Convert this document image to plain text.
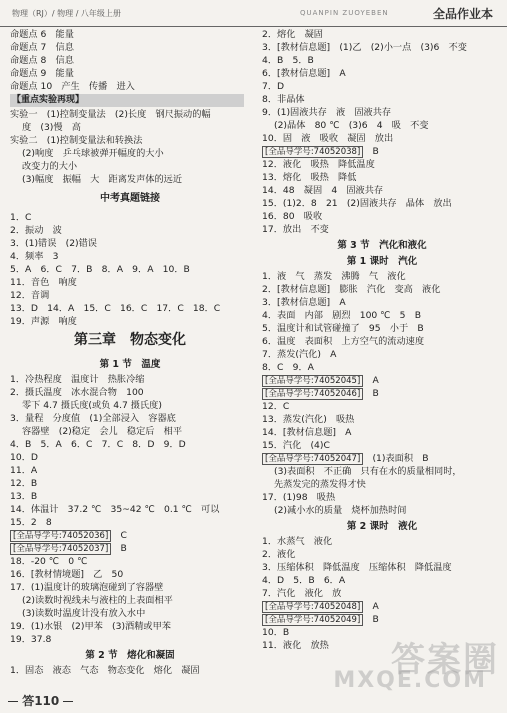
物理（RJ）/ 物理 / 八年级上册	QUANPIN ZUOYEBEN	全品作业本
命题点 6　能量
命题点 7　信息
命题点 8　信息
命题点 9　能量
命题点 10　产生　传播　进入
【重点实验再现】
实验一　(1)控制变量法　(2)长度　钢尺振动的幅
度　(3)慢　高
实验二　(1)控制变量法和转换法
(2)响度　乒乓球被弹开幅度的大小
改变力的大小
(3)幅度　振幅　大　距离发声体的远近
中考真题链接
1．C
2．振动　波
3．(1)错误　(2)错误
4．频率　3
5．A　6．C　7．B　8．A　9．A　10．B
11．音色　响度
12．音调
13．D　14．A　15．C　16．C　17．C　18．C
19．声源　响度
第三章　物态变化
第 1 节　温度
1．冷热程度　温度计　热胀冷缩
2．摄氏温度　冰水混合物　100
零下 4.7 摄氏度(或负 4.7 摄氏度)
3．量程　分度值　(1)全部浸入　容器底
容器壁　(2)稳定　会儿　稳定后　相平
4．B　5．A　6．C　7．C　8．D　9．D
10．D
11．A
12．B
13．B
14．体温计　37.2 ℃　35~42 ℃　0.1 ℃　可以
15．2　8
[全品导学号:74052036]　C
[全品导学号:74052037]　B
18．-20 ℃　0 ℃
16．[教材情境题]　乙　50
17．(1)温度计的玻璃泡碰到了容器壁
(2)读数时视线未与液柱的上表面相平
(3)读数时温度计没有放入水中
19．(1)水银　(2)甲苯　(3)酒精或甲苯
19．37.8
第 2 节　熔化和凝固
1．固态　液态　气态　物态变化　熔化　凝固
2．熔化　凝固
3．[教材信息题]　(1)乙　(2)小一点　(3)6　不变
4．B　5．B
6．[教材信息题]　A
7．D
8．非晶体
9．(1)固液共存　液　固液共存
(2)晶体　80 ℃　(3)6　4　吸　不变
10．固　液　吸收　凝固　放出
[全品导学号:74052038]　B
12．液化　吸热　降低温度
13．熔化　吸热　降低
14．48　凝固　4　固液共存
15．(1)2．8　21　(2)固液共存　晶体　放出
16．80　吸收
17．放出　不变
第 3 节　汽化和液化
第 1 课时　汽化
1．液　气　蒸发　沸腾　气　液化
2．[教材信息题]　膨胀　汽化　变高　液化
3．[教材信息题]　A
4．表面　内部　剧烈　100 ℃　5　B
5．温度计和试管碰撞了　95　小于　B
6．温度　表面积　上方空气的流动速度
7．蒸发(汽化)　A
8．C　9．A
[全品导学号:74052045]　A
[全品导学号:74052046]　B
12．C
13．蒸发(汽化)　吸热
14．[教材信息题]　A
15．汽化　(4)C
[全品导学号:74052047]　(1)表面积　B
(3)表面积　不正确　只有在水的质量相同时，
先蒸发完的蒸发得才快
17．(1)98　吸热
(2)减小水的质量　烧杯加热时间
第 2 课时　液化
1．水蒸气　液化
2．液化
3．压缩体积　降低温度　压缩体积　降低温度
4．D　5．B　6．A
7．汽化　液化　放
[全品导学号:74052048]　A
[全品导学号:74052049]　B
10．B
11．液化　放热	答案圈
MXQE.COM
答110
